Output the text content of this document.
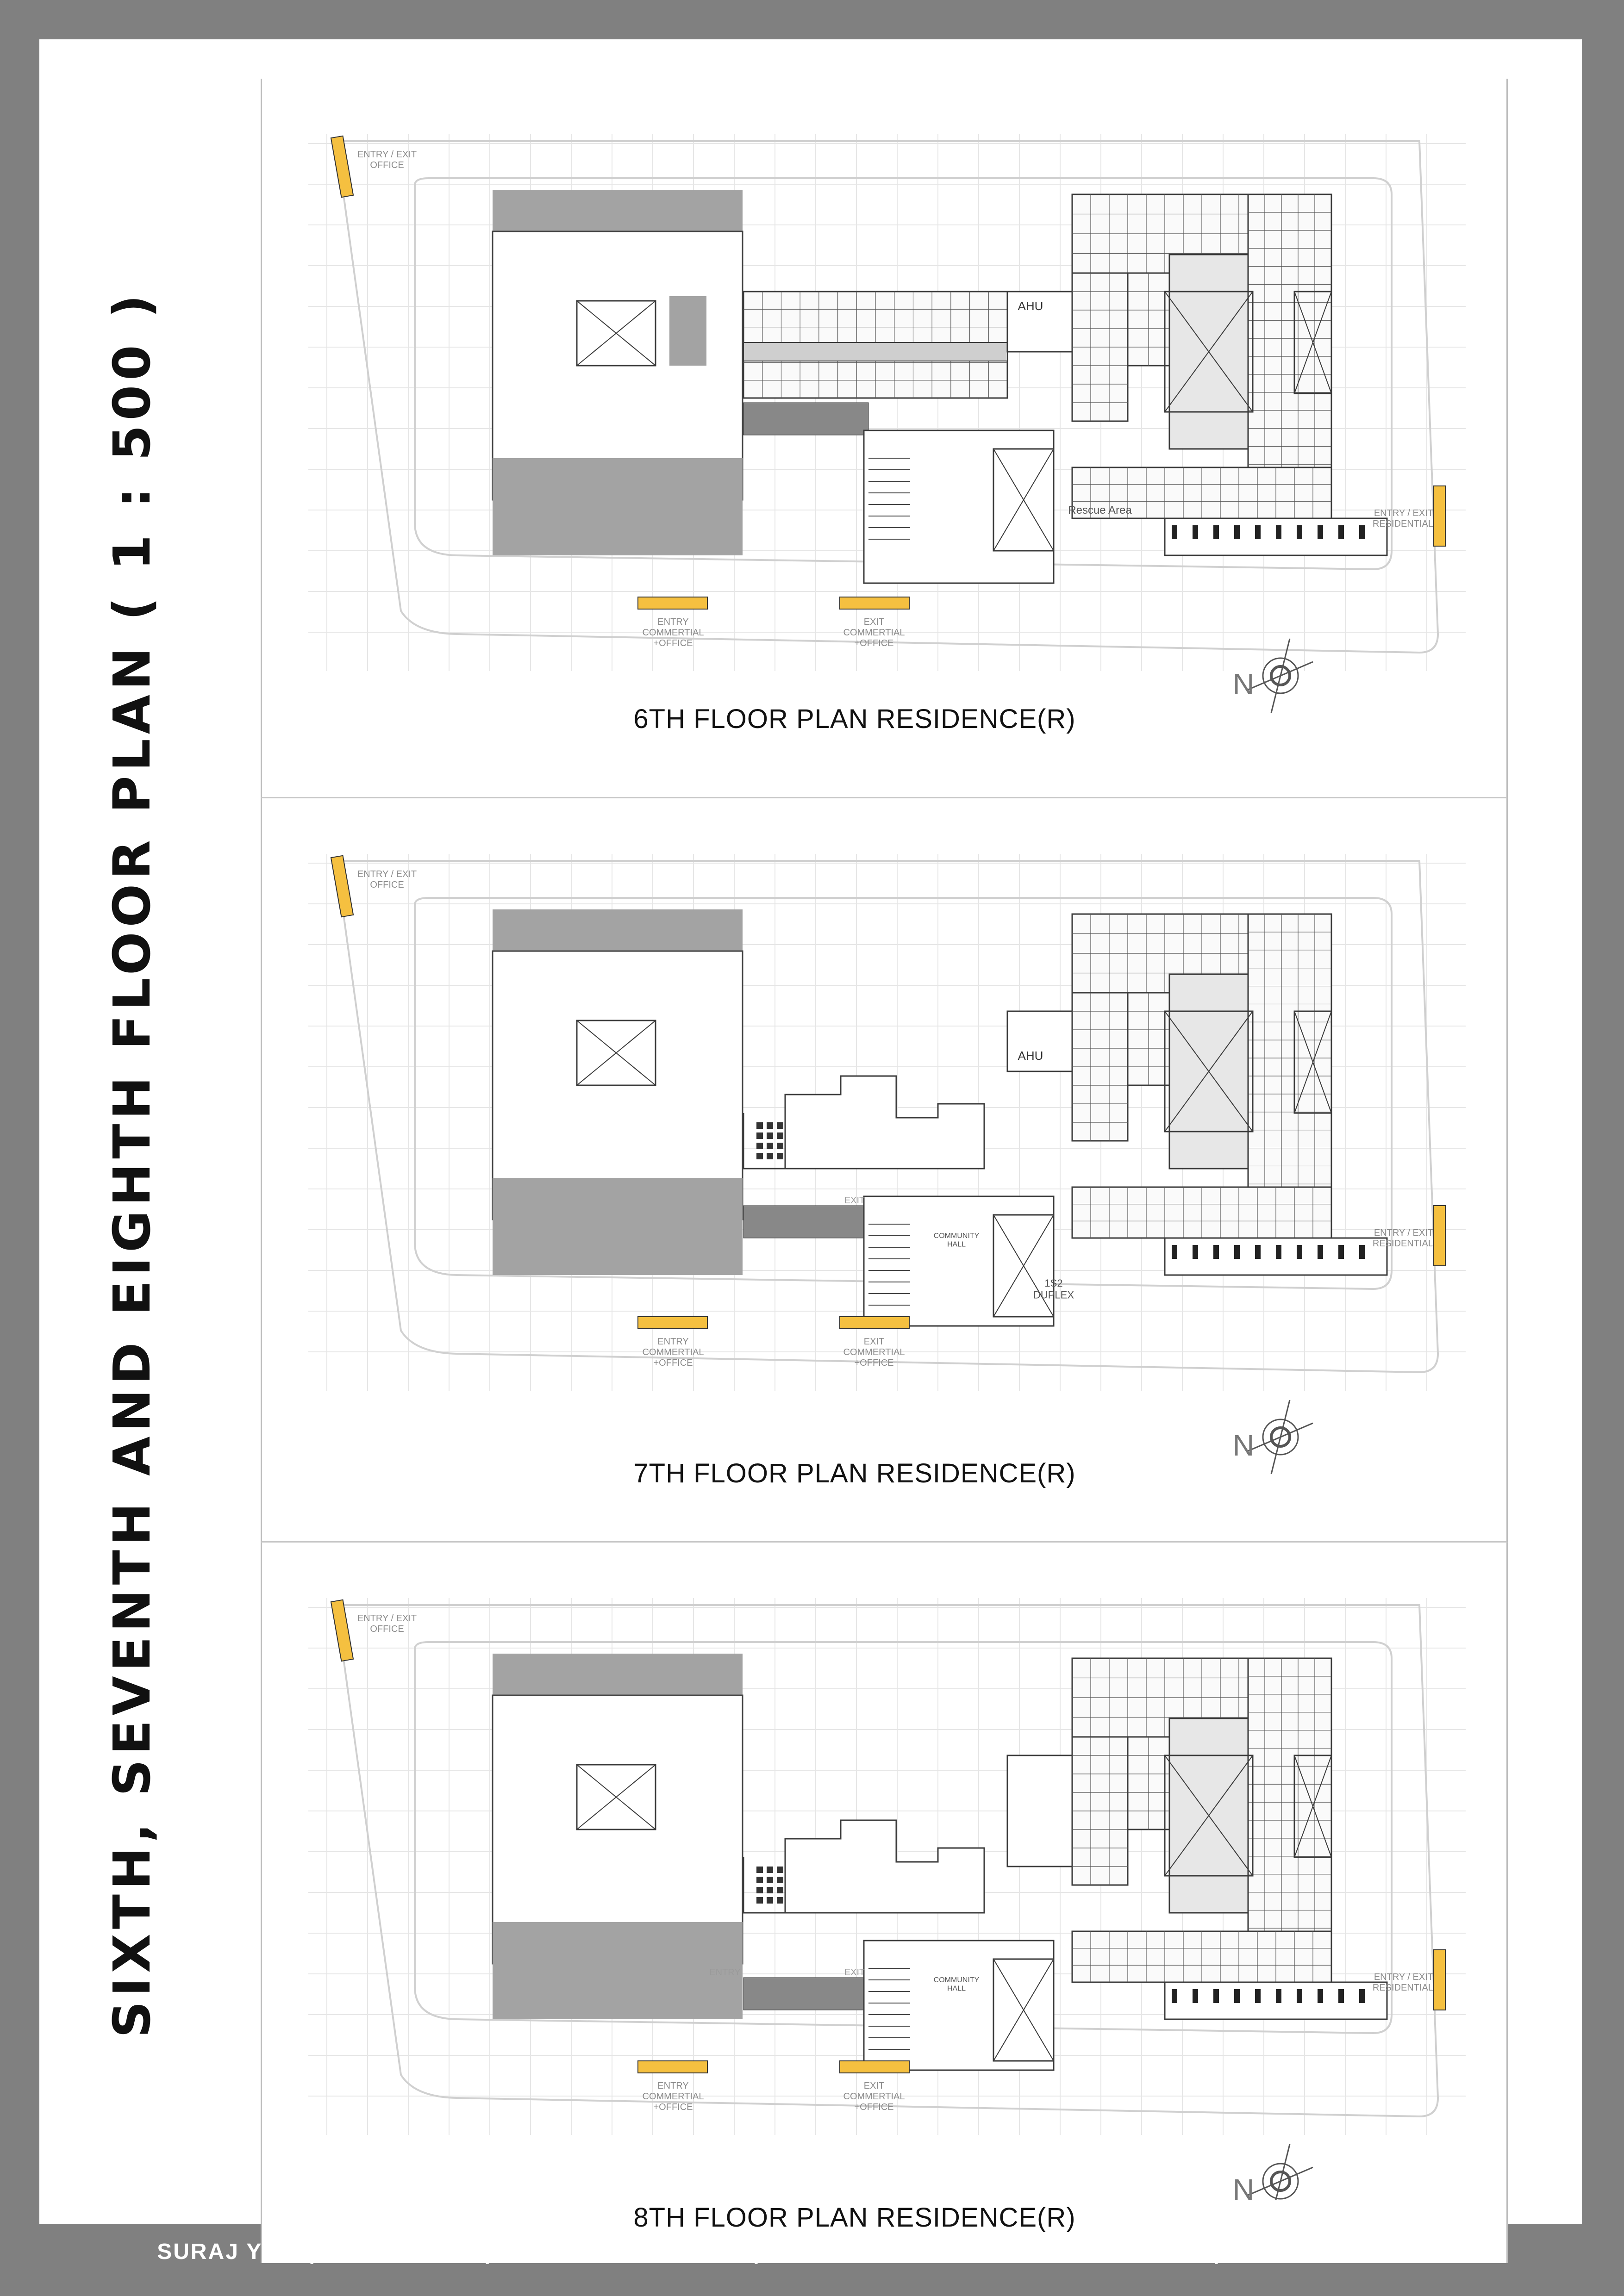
SIXTH, SEVENTH AND EIGHTH FLOOR PLAN ( 1 : 500 )	AHU
Rescue Area
ENTRY / EXIT OFFICE
ENTRY / EXIT RESIDENTIAL
ENTRY COMMERTIAL +OFFICE
EXIT COMMERTIAL +OFFICE
N
6TH FLOOR PLAN RESIDENCE(R)
AHU
COMMUNITY HALL
1S2 DUPLEX
EXIT
ENTRY / EXIT OFFICE
ENTRY / EXIT RESIDENTIAL
ENTRY COMMERTIAL +OFFICE
EXIT COMMERTIAL +OFFICE
N
7TH FLOOR PLAN RESIDENCE(R)
COMMUNITY HALL
EXIT
ENTRY
ENTRY / EXIT OFFICE
ENTRY / EXIT RESIDENTIAL
ENTRY COMMERTIAL +OFFICE
EXIT COMMERTIAL +OFFICE
N
8TH FLOOR PLAN RESIDENCE(R)
SURAJ Y S   |   118010790   |   B.ARCH  5TH SEM   |   ARCHITECTURE  DESIGN  STUDIO   |   S P A  VIJAYWADA
